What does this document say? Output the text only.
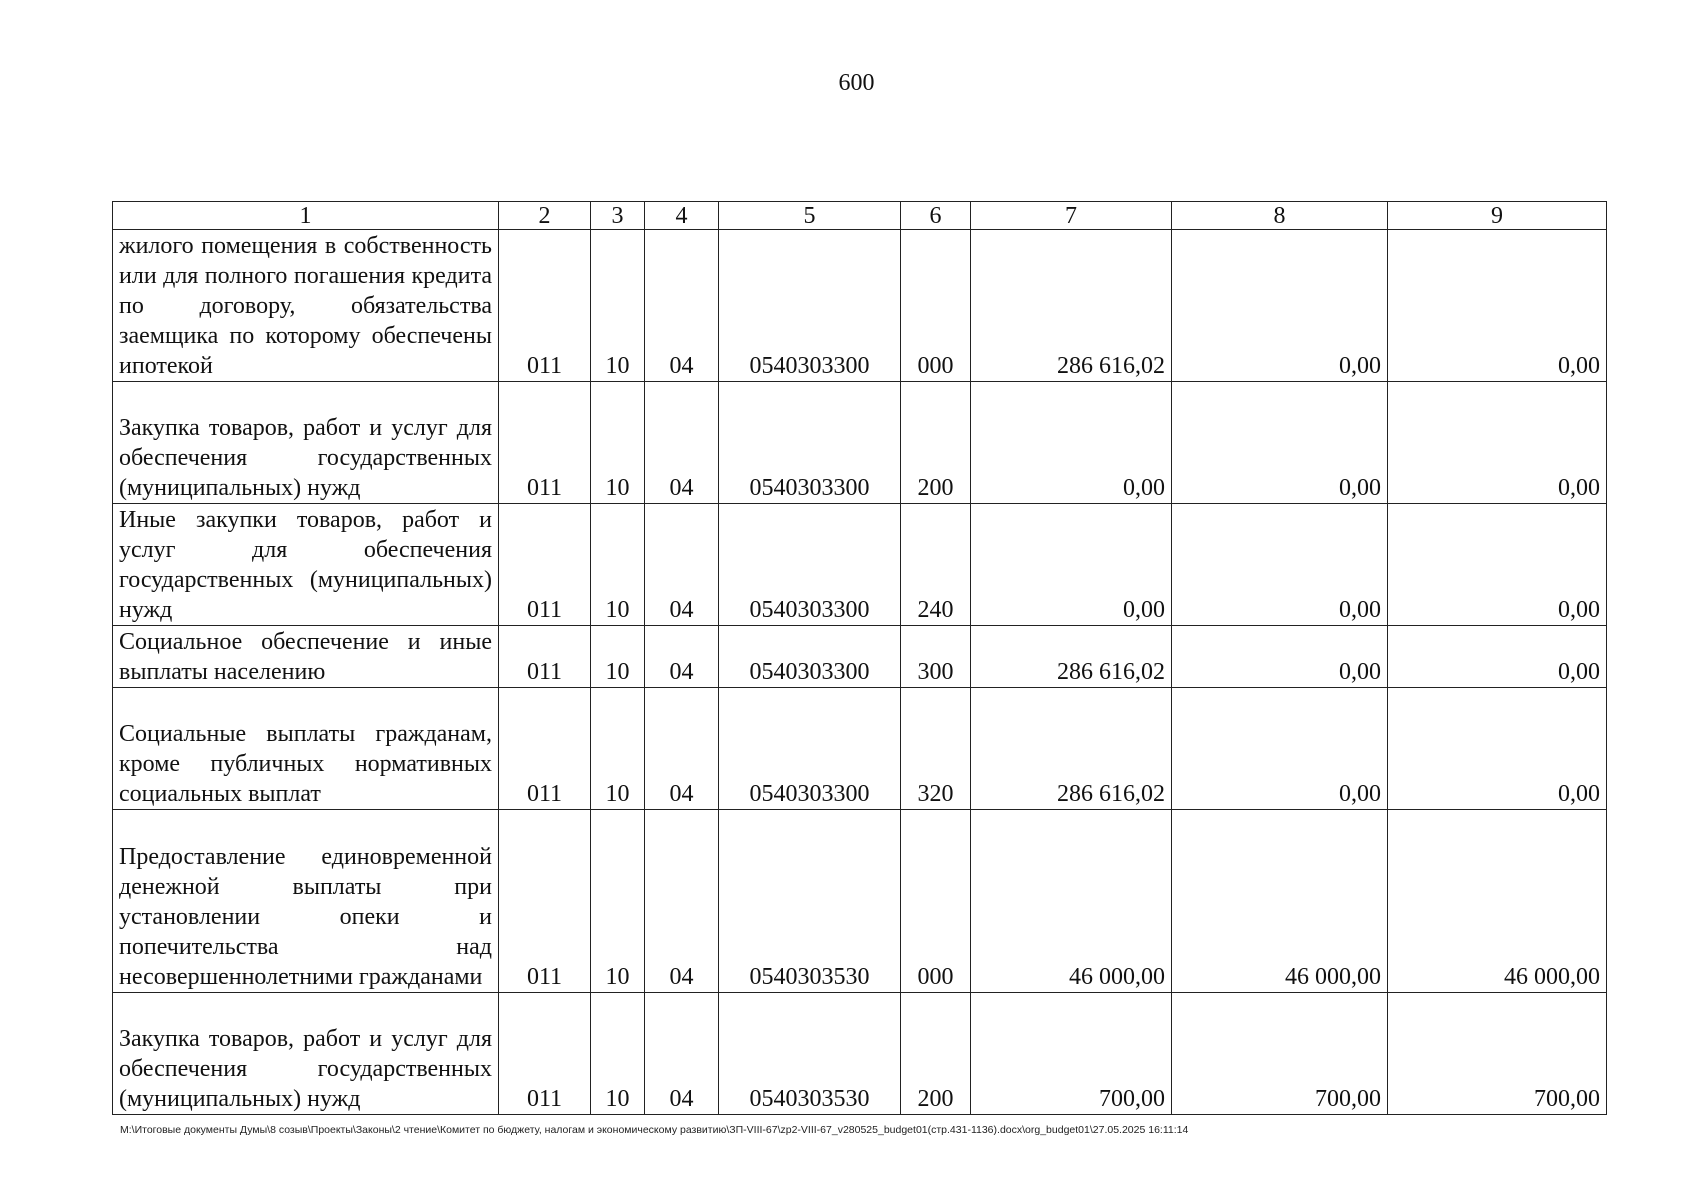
600
1	2	3	4	5	6	7	8	9
жилого помещения в собственность или для полного погашения кредита по договору, обязательства заемщика по которому обеспечены ипотекой	011	10	04	0540303300	000	286 616,02	0,00	0,00
Закупка товаров, работ и услуг для обеспечения государственных (муниципальных) нужд	011	10	04	0540303300	200	0,00	0,00	0,00
Иные закупки товаров, работ и услуг для обеспечения государственных (муниципальных) нужд	011	10	04	0540303300	240	0,00	0,00	0,00
Социальное обеспечение и иные выплаты населению	011	10	04	0540303300	300	286 616,02	0,00	0,00
Социальные выплаты гражданам, кроме публичных нормативных социальных выплат	011	10	04	0540303300	320	286 616,02	0,00	0,00
Предоставление единовременной денежной выплаты при установлении опеки и попечительства над несовершеннолетними гражданами	011	10	04	0540303530	000	46 000,00	46 000,00	46 000,00
Закупка товаров, работ и услуг для обеспечения государственных (муниципальных) нужд	011	10	04	0540303530	200	700,00	700,00	700,00
M:\Итоговые документы Думы\8 созыв\Проекты\Законы\2 чтение\Комитет по бюджету, налогам и экономическому развитию\ЗП-VIII-67\zp2-VIII-67_v280525_budget01(стр.431-1136).docx\org_budget01\27.05.2025 16:11:14
